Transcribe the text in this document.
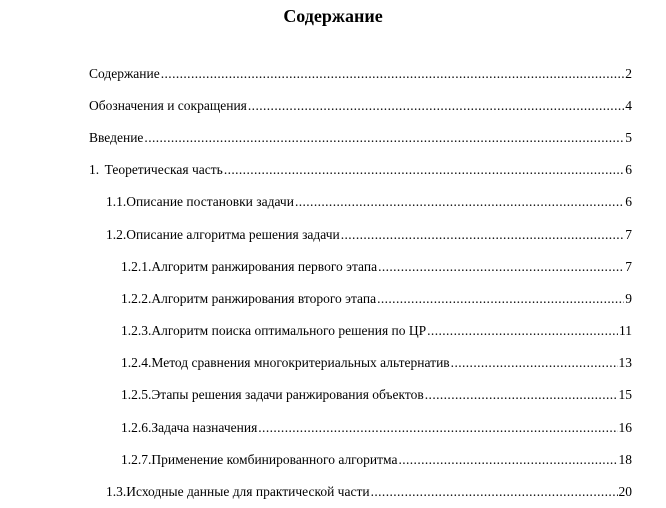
Содержание
Содержание .....	2
Обозначения и сокращения .....	4
Введение .....	5
1. Теоретическая часть .....	6
1.1. Описание постановки задачи .....	6
1.2. Описание алгоритма решения задачи .....	7
1.2.1. Алгоритм ранжирования первого этапа .....	7
1.2.2. Алгоритм ранжирования второго этапа .....	9
1.2.3. Алгоритм поиска оптимального решения по ЦР .....	11
1.2.4. Метод сравнения многокритериальных альтернатив .....	13
1.2.5. Этапы решения задачи ранжирования объектов .....	15
1.2.6. Задача назначения .....	16
1.2.7. Применение комбинированного алгоритма .....	18
1.3. Исходные данные для практической части .....	20
